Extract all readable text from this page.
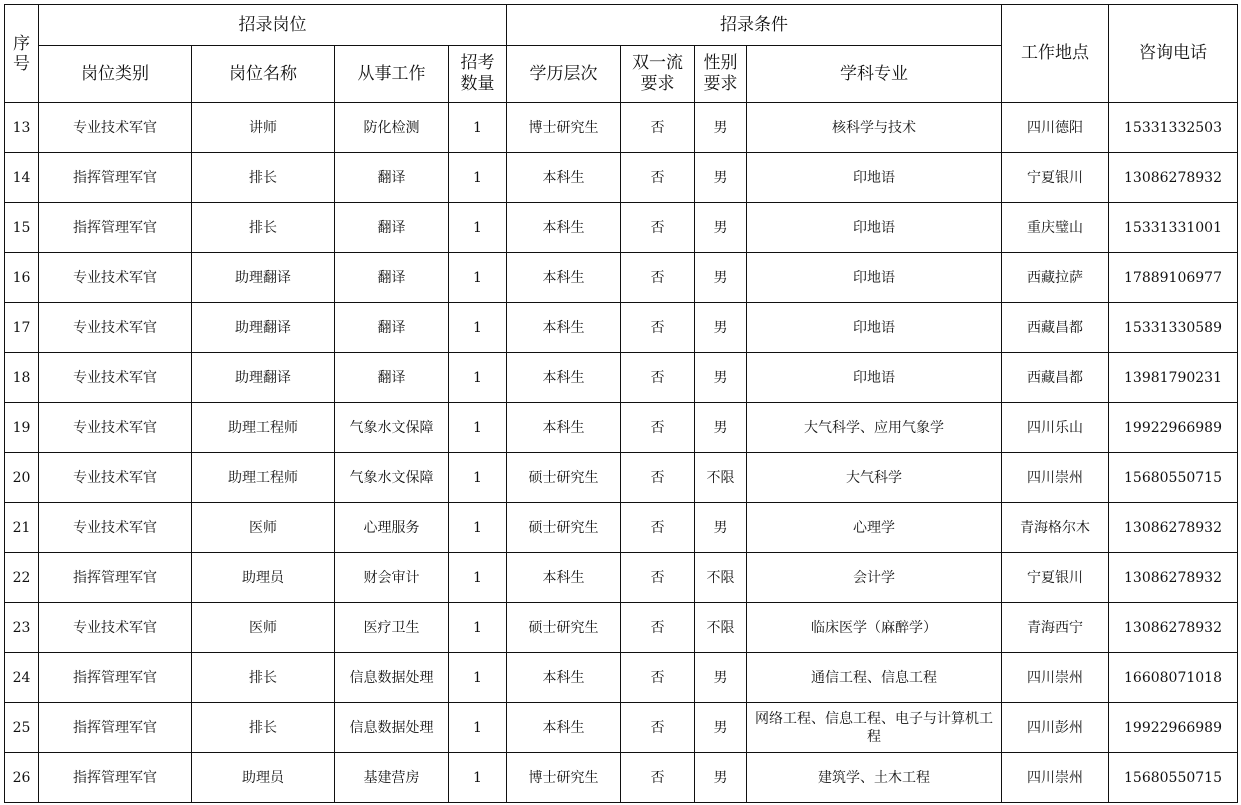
序号	招录岗位				招录条件				工作地点	咨询电话
	岗位类别	岗位名称	从事工作	招考数量	学历层次	双一流要求	性别要求	学科专业		
13	专业技术军官	讲师	防化检测	1	博士研究生	否	男	核科学与技术	四川德阳	15331332503
14	指挥管理军官	排长	翻译	1	本科生	否	男	印地语	宁夏银川	13086278932
15	指挥管理军官	排长	翻译	1	本科生	否	男	印地语	重庆璧山	15331331001
16	专业技术军官	助理翻译	翻译	1	本科生	否	男	印地语	西藏拉萨	17889106977
17	专业技术军官	助理翻译	翻译	1	本科生	否	男	印地语	西藏昌都	15331330589
18	专业技术军官	助理翻译	翻译	1	本科生	否	男	印地语	西藏昌都	13981790231
19	专业技术军官	助理工程师	气象水文保障	1	本科生	否	男	大气科学、应用气象学	四川乐山	19922966989
20	专业技术军官	助理工程师	气象水文保障	1	硕士研究生	否	不限	大气科学	四川崇州	15680550715
21	专业技术军官	医师	心理服务	1	硕士研究生	否	男	心理学	青海格尔木	13086278932
22	指挥管理军官	助理员	财会审计	1	本科生	否	不限	会计学	宁夏银川	13086278932
23	专业技术军官	医师	医疗卫生	1	硕士研究生	否	不限	临床医学（麻醉学）	青海西宁	13086278932
24	指挥管理军官	排长	信息数据处理	1	本科生	否	男	通信工程、信息工程	四川崇州	16608071018
25	指挥管理军官	排长	信息数据处理	1	本科生	否	男	网络工程、信息工程、电子与计算机工程	四川彭州	19922966989
26	指挥管理军官	助理员	基建营房	1	博士研究生	否	男	建筑学、土木工程	四川崇州	15680550715
